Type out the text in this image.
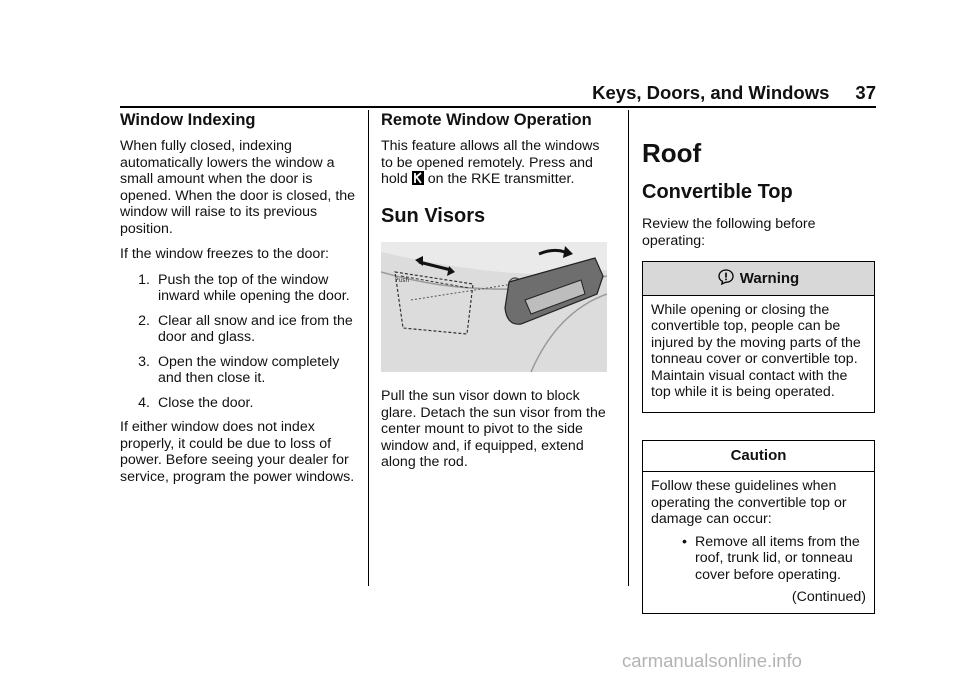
Keys, Doors, and Windows 37
Window Indexing

When fully closed, indexing automatically lowers the window a small amount when the door is opened. When the door is closed, the window will raise to its previous position.

If the window freezes to the door:

1. Push the top of the window inward while opening the door.
2. Clear all snow and ice from the door and glass.
3. Open the window completely and then close it.
4. Close the door.

If either window does not index properly, it could be due to loss of power. Before seeing your dealer for service, program the power windows.

Remote Window Operation

This feature allows all the windows to be opened remotely. Press and hold on the RKE transmitter.

Sun Visors
Push

Pull the sun visor down to block glare. Detach the sun visor from the center mount to pivot to the side window and, if equipped, extend along the rod.

Roof
Convertible Top

Review the following before operating:

Warning

While opening or closing the convertible top, people can be injured by the moving parts of the tonneau cover or convertible top. Maintain visual contact with the top while it is being operated.

Caution

Follow these guidelines when operating the convertible top or damage can occur:

• Remove all items from the roof, trunk lid, or tonneau cover before operating.
(Continued)
carmanualsonline.info
